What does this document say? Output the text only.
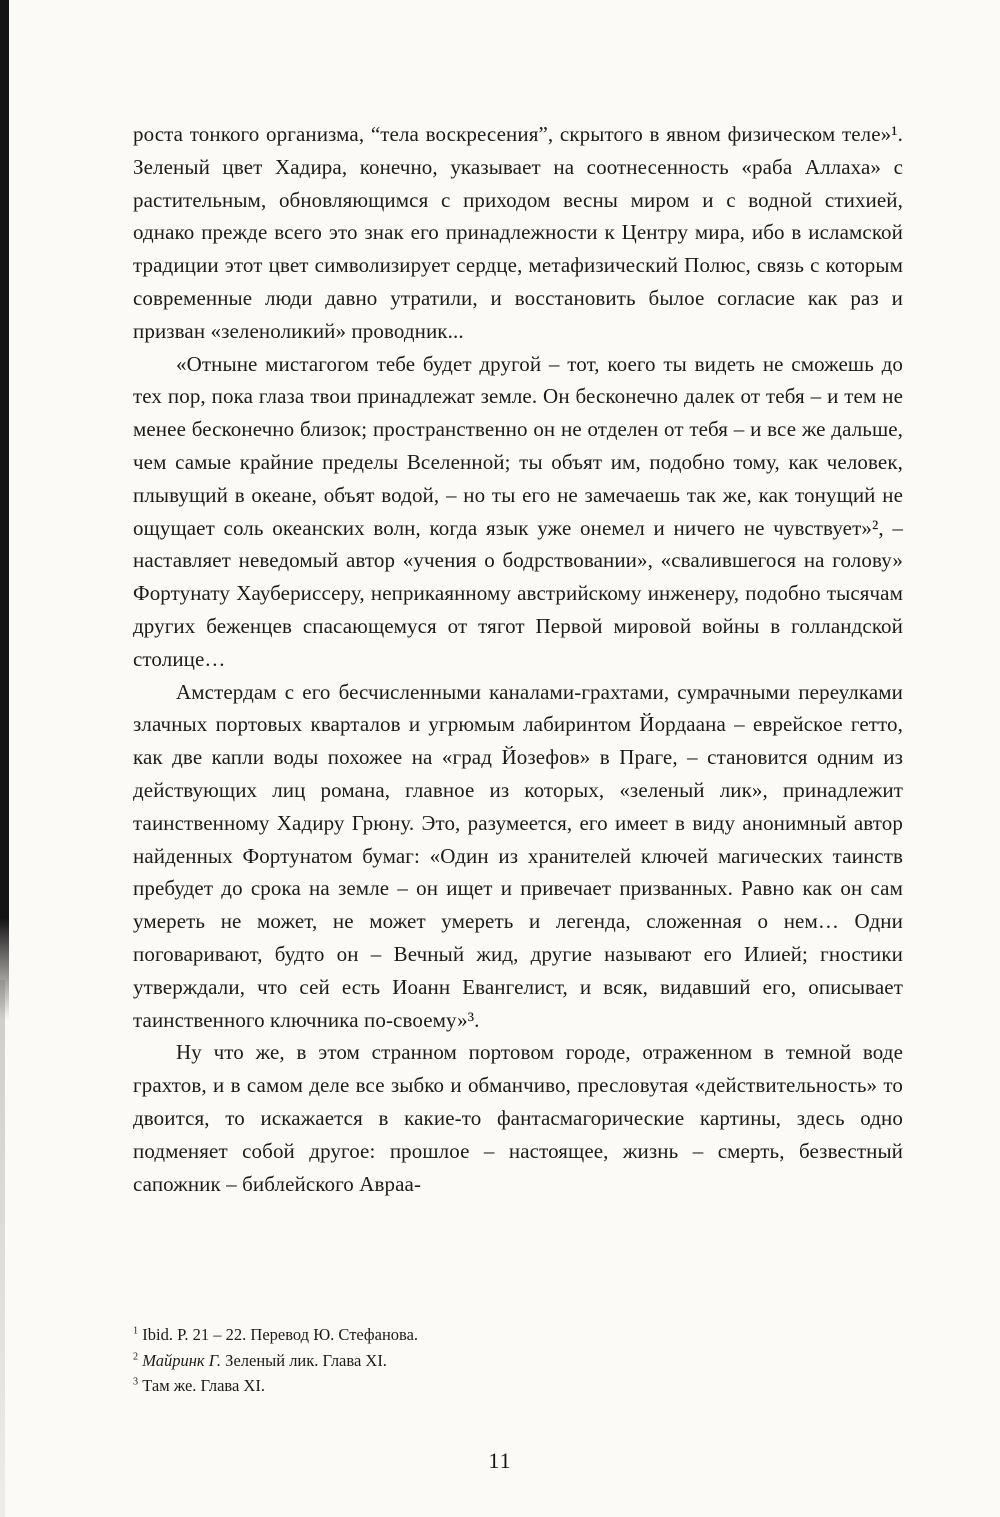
роста тонкого организма, “тела воскресения”, скрытого в явном физическом теле»¹. Зеленый цвет Хадира, конечно, указывает на соотнесенность «раба Аллаха» с растительным, обновляющимся с приходом весны миром и с водной стихией, однако прежде всего это знак его принадлежности к Центру мира, ибо в исламской традиции этот цвет символизирует сердце, метафизический Полюс, связь с которым современные люди давно утратили, и восстановить былое согласие как раз и призван «зеленоликий» проводник...

«Отныне мистагогом тебе будет другой – тот, коего ты видеть не сможешь до тех пор, пока глаза твои принадлежат земле. Он бесконечно далек от тебя – и тем не менее бесконечно близок; пространственно он не отделен от тебя – и все же дальше, чем самые крайние пределы Вселенной; ты объят им, подобно тому, как человек, плывущий в океане, объят водой, – но ты его не замечаешь так же, как тонущий не ощущает соль океанских волн, когда язык уже онемел и ничего не чувствует»², – наставляет неведомый автор «учения о бодрствовании», «свалившегося на голову» Фортунату Хаубериссеру, неприкаянному австрийскому инженеру, подобно тысячам других беженцев спасающемуся от тягот Первой мировой войны в голландской столице…

Амстердам с его бесчисленными каналами-грахтами, сумрачными переулками злачных портовых кварталов и угрюмым лабиринтом Йордаана – еврейское гетто, как две капли воды похожее на «град Йозефов» в Праге, – становится одним из действующих лиц романа, главное из которых, «зеленый лик», принадлежит таинственному Хадиру Грюну. Это, разумеется, его имеет в виду анонимный автор найденных Фортунатом бумаг: «Один из хранителей ключей магических таинств пребудет до срока на земле – он ищет и привечает призванных. Равно как он сам умереть не может, не может умереть и легенда, сложенная о нем… Одни поговаривают, будто он – Вечный жид, другие называют его Илией; гностики утверждали, что сей есть Иоанн Евангелист, и всяк, видавший его, описывает таинственного ключника по-своему»³.

Ну что же, в этом странном портовом городе, отраженном в темной воде грахтов, и в самом деле все зыбко и обманчиво, пресловутая «действительность» то двоится, то искажается в какие-то фантасмагорические картины, здесь одно подменяет собой другое: прошлое – настоящее, жизнь – смерть, безвестный сапожник – библейского Авраа-

$^1$ Ibid. P. 21 – 22. Перевод Ю. Стефанова.

$^2$ Майринк Г. Зеленый лик. Глава XI.

$^3$ Там же. Глава XI.

11
